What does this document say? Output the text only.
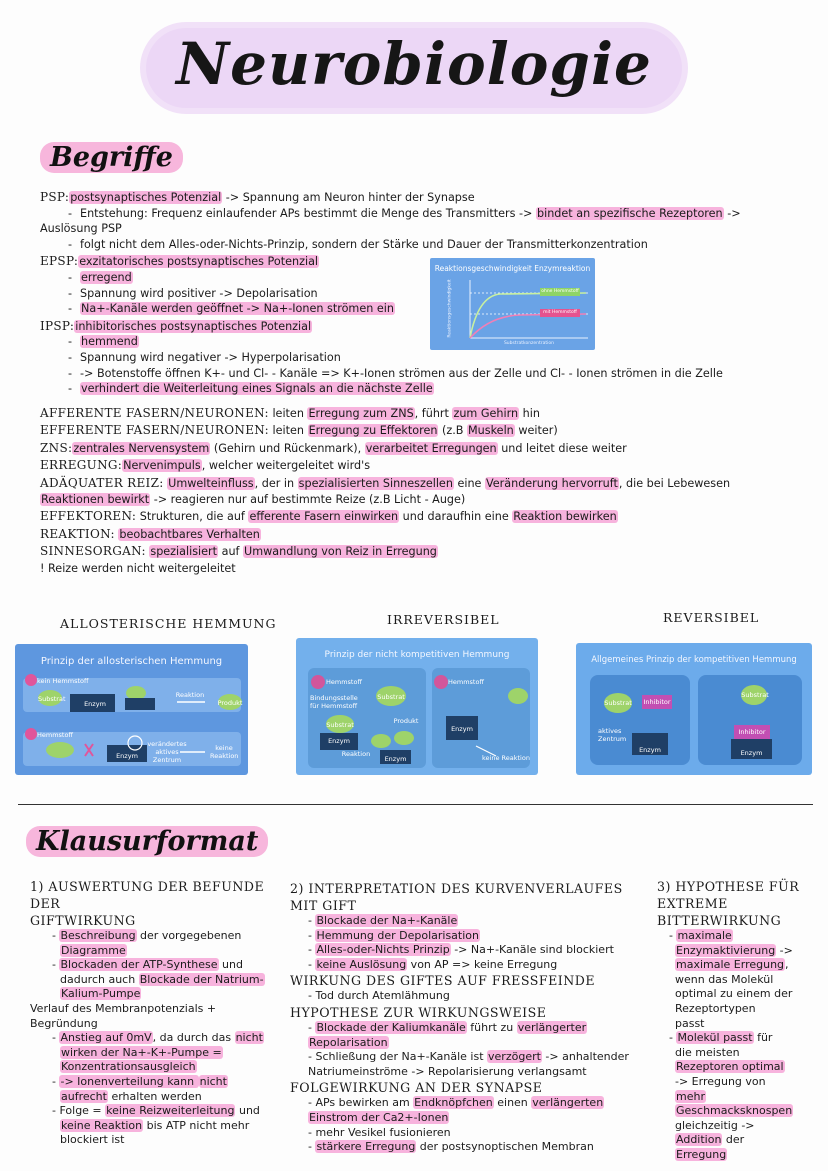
Neurobiologie
Begriffe
PSP:postsynaptisches Potenzial -> Spannung am Neuron hinter der Synapse
- Entstehung: Frequenz einlaufender APs bestimmt die Menge des Transmitters -> bindet an spezifische Rezeptoren ->
Auslösung PSP
- folgt nicht dem Alles-oder-Nichts-Prinzip, sondern der Stärke und Dauer der Transmitterkonzentration
EPSP:exzitatorisches postsynaptisches Potenzial
- erregend
- Spannung wird positiver -> Depolarisation
- Na+-Kanäle werden geöffnet -> Na+-Ionen strömen ein
IPSP:inhibitorisches postsynaptisches Potenzial
- hemmend
- Spannung wird negativer -> Hyperpolarisation
- -> Botenstoffe öffnen K+- und Cl- - Kanäle => K+-Ionen strömen aus der Zelle und Cl- - Ionen strömen in die Zelle
- verhindert die Weiterleitung eines Signals an die nächste Zelle
Reaktionsgeschwindigkeit Enzymreaktion
ohne Hemmstoff
mit Hemmstoff
Substratkonzentration
Reaktionsgeschwindigkeit
AFFERENTE FASERN/NEURONEN: leiten Erregung zum ZNS, führt zum Gehirn hin
EFFERENTE FASERN/NEURONEN: leiten Erregung zu Effektoren (z.B Muskeln weiter)
ZNS:zentrales Nervensystem (Gehirn und Rückenmark), verarbeitet Erregungen und leitet diese weiter
ERREGUNG:Nervenimpuls, welcher weitergeleitet wird's
ADÄQUATER REIZ: Umwelteinfluss, der in spezialisierten Sinneszellen eine Veränderung hervorruft, die bei Lebewesen
Reaktionen bewirkt -> reagieren nur auf bestimmte Reize (z.B Licht - Auge)
EFFEKTOREN: Strukturen, die auf efferente Fasern einwirken und daraufhin eine Reaktion bewirken
REAKTION: beobachtbares Verhalten
SINNESORGAN: spezialisiert auf Umwandlung von Reiz in Erregung
! Reize werden nicht weitergeleitet
ALLOSTERISCHE HEMMUNG	IRREVERSIBEL	REVERSIBEL
Prinzip der allosterischen Hemmung
kein Hemmstoff
Substrat
Enzym
Reaktion
Produkt
Hemmstoff
Enzym
verändertes aktives Zentrum
keine Reaktion
Prinzip der nicht kompetitiven Hemmung
Hemmstoff
Bindungsstelle für Hemmstoff
Substrat
Substrat	Produkt
Enzym
Reaktion
Enzym
Hemmstoff
Enzym
keine Reaktion
Allgemeines Prinzip der kompetitiven Hemmung
Substrat Inhibitor
aktives Zentrum
Enzym
Substrat
Inhibitor
Enzym
Klausurformat
1) AUSWERTUNG DER BEFUNDE DER
GIFTWIRKUNG
- Beschreibung der vorgegebenen
Diagramme
- Blockaden der ATP-Synthese und
dadurch auch Blockade der Natrium-
Kalium-Pumpe
Verlauf des Membranpotenzials +
Begründung
- Anstieg auf 0mV, da durch das nicht
wirken der Na+-K+-Pumpe =
Konzentrationsausgleich
- -> Ionenverteilung kann nicht
aufrecht erhalten werden
- Folge = keine Reizweiterleitung und
keine Reaktion bis ATP nicht mehr
blockiert ist
2) INTERPRETATION DES KURVENVERLAUFES MIT GIFT
- Blockade der Na+-Kanäle
- Hemmung der Depolarisation
- Alles-oder-Nichts Prinzip -> Na+-Kanäle sind blockiert
- keine Auslösung von AP => keine Erregung
WIRKUNG DES GIFTES AUF FRESSFEINDE
- Tod durch Atemlähmung
HYPOTHESE ZUR WIRKUNGSWEISE
- Blockade der Kaliumkanäle führt zu verlängerter
Repolarisation
- Schließung der Na+-Kanäle ist verzögert -> anhaltender
Natriumeinströme -> Repolarisierung verlangsamt
FOLGEWIRKUNG AN DER SYNAPSE
- APs bewirken am Endknöpfchen einen verlängerten
Einstrom der Ca2+-Ionen
- mehr Vesikel fusionieren
- stärkere Erregung der postsynoptischen Membran
3) HYPOTHESE FÜR
EXTREME BITTERWIRKUNG
- maximale
Enzymaktivierung ->
maximale Erregung,
wenn das Molekül
optimal zu einem der
Rezeptortypen
passt
- Molekül passt für
die meisten
Rezeptoren optimal
-> Erregung von
mehr
Geschmacksknospen
gleichzeitig ->
Addition der
Erregung
